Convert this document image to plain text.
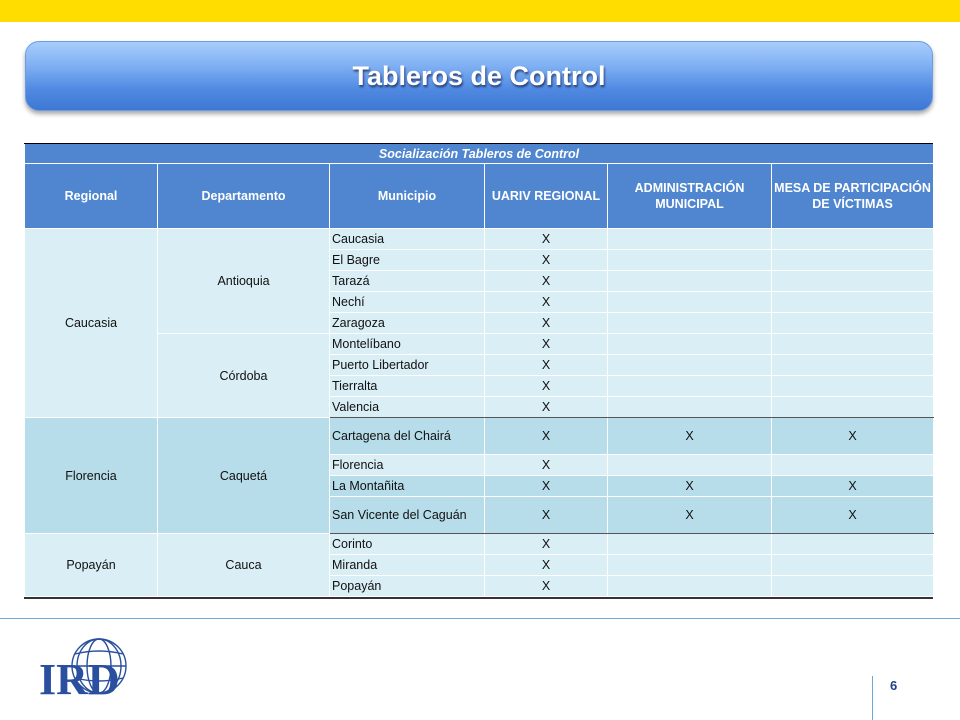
Tableros de Control
Socialización Tableros de Control					
Regional	Departamento	Municipio	UARIV REGIONAL	ADMINISTRACIÓN MUNICIPAL	MESA DE PARTICIPACIÓN DE VÍCTIMAS
Caucasia	Antioquia	Caucasia	X		
		El Bagre	X		
		Tarazá	X		
		Nechí	X		
		Zaragoza	X		
	Córdoba	Montelíbano	X		
		Puerto Libertador	X		
		Tierralta	X		
		Valencia	X		
Florencia	Caquetá	Cartagena del Chairá	X	X	X
		Florencia	X		
		La Montañita	X	X	X
		San Vicente del Caguán	X	X	X
Popayán	Cauca	Corinto	X		
		Miranda	X		
		Popayán	X		
IRD	6
